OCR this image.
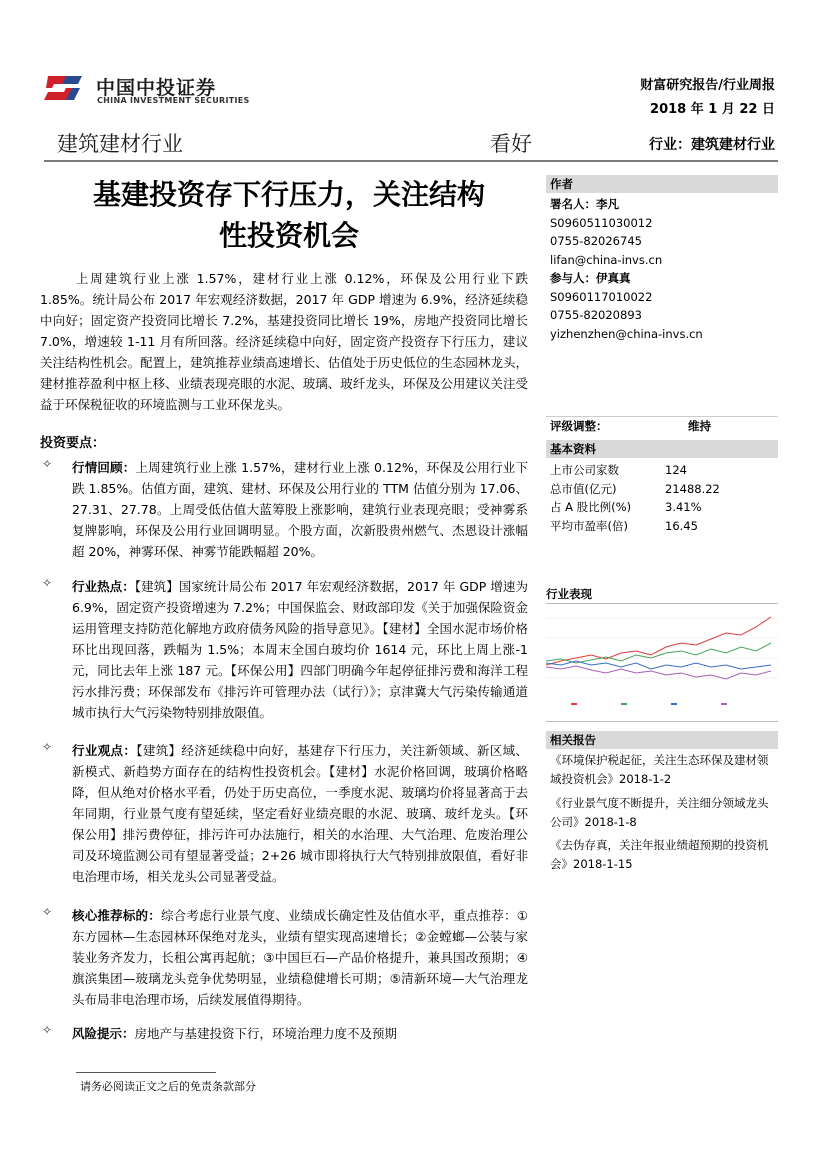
中国中投证券
CHINA INVESTMENT SECURITIES
财富研究报告/行业周报
2018 年 1 月 22 日
建筑建材行业	看好	行业：建筑建材行业
基建投资存下行压力，关注结构
性投资机会
上周建筑行业上涨 1.57%，建材行业上涨 0.12%，环保及公用行业下跌 1.85%。统计局公布 2017 年宏观经济数据，2017 年 GDP 增速为 6.9%，经济延续稳中向好；固定资产投资同比增长 7.2%，基建投资同比增长 19%，房地产投资同比增长 7.0%，增速较 1-11 月有所回落。经济延续稳中向好，固定资产投资存下行压力，建议关注结构性机会。配置上，建筑推荐业绩高速增长、估值处于历史低位的生态园林龙头，建材推荐盈利中枢上移、业绩表现亮眼的水泥、玻璃、玻纤龙头，环保及公用建议关注受益于环保税征收的环境监测与工业环保龙头。
投资要点：
✧ 行情回顾：上周建筑行业上涨 1.57%，建材行业上涨 0.12%，环保及公用行业下跌 1.85%。估值方面，建筑、建材、环保及公用行业的 TTM 估值分别为 17.06、27.31、27.78。上周受低估值大蓝筹股上涨影响，建筑行业表现亮眼；受神雾系复牌影响，环保及公用行业回调明显。个股方面，次新股贵州燃气、杰恩设计涨幅超 20%，神雾环保、神雾节能跌幅超 20%。
✧ 行业热点：【建筑】国家统计局公布 2017 年宏观经济数据，2017 年 GDP 增速为 6.9%，固定资产投资增速为 7.2%；中国保监会、财政部印发《关于加强保险资金运用管理支持防范化解地方政府债务风险的指导意见》。【建材】全国水泥市场价格环比出现回落，跌幅为 1.5%；本周末全国白玻均价 1614 元，环比上周上涨-1 元，同比去年上涨 187 元。【环保公用】四部门明确今年起停征排污费和海洋工程污水排污费；环保部发布《排污许可管理办法（试行）》；京津冀大气污染传输通道城市执行大气污染物特别排放限值。
✧ 行业观点：【建筑】经济延续稳中向好，基建存下行压力，关注新领域、新区域、新模式、新趋势方面存在的结构性投资机会。【建材】水泥价格回调，玻璃价格略降，但从绝对价格水平看，仍处于历史高位，一季度水泥、玻璃均价将显著高于去年同期，行业景气度有望延续，坚定看好业绩亮眼的水泥、玻璃、玻纤龙头。【环保公用】排污费停征，排污许可办法施行，相关的水治理、大气治理、危废治理公司及环境监测公司有望显著受益；2+26 城市即将执行大气特别排放限值，看好非电治理市场，相关龙头公司显著受益。
✧ 核心推荐标的：综合考虑行业景气度、业绩成长确定性及估值水平，重点推荐：①东方园林—生态园林环保绝对龙头，业绩有望实现高速增长；②金螳螂—公装与家装业务齐发力，长租公寓再起航；③中国巨石—产品价格提升，兼具国改预期；④旗滨集团—玻璃龙头竞争优势明显，业绩稳健增长可期；⑤清新环境—大气治理龙头布局非电治理市场，后续发展值得期待。
✧ 风险提示：房地产与基建投资下行，环境治理力度不及预期
作者
署名人：李凡
S0960511030012
0755-82026745
lifan@china-invs.cn
参与人：伊真真
S0960117010022
0755-82020893
yizhenzhen@china-invs.cn
评级调整：	维持
基本资料
上市公司家数	124
总市值(亿元)	21488.22
占 A 股比例(%)	3.41%
平均市盈率(倍)	16.45
行业表现
相关报告
《环境保护税起征，关注生态环保及建材领域投资机会》2018-1-2
《行业景气度不断提升，关注细分领域龙头公司》2018-1-8
《去伪存真，关注年报业绩超预期的投资机会》2018-1-15
请务必阅读正文之后的免责条款部分
